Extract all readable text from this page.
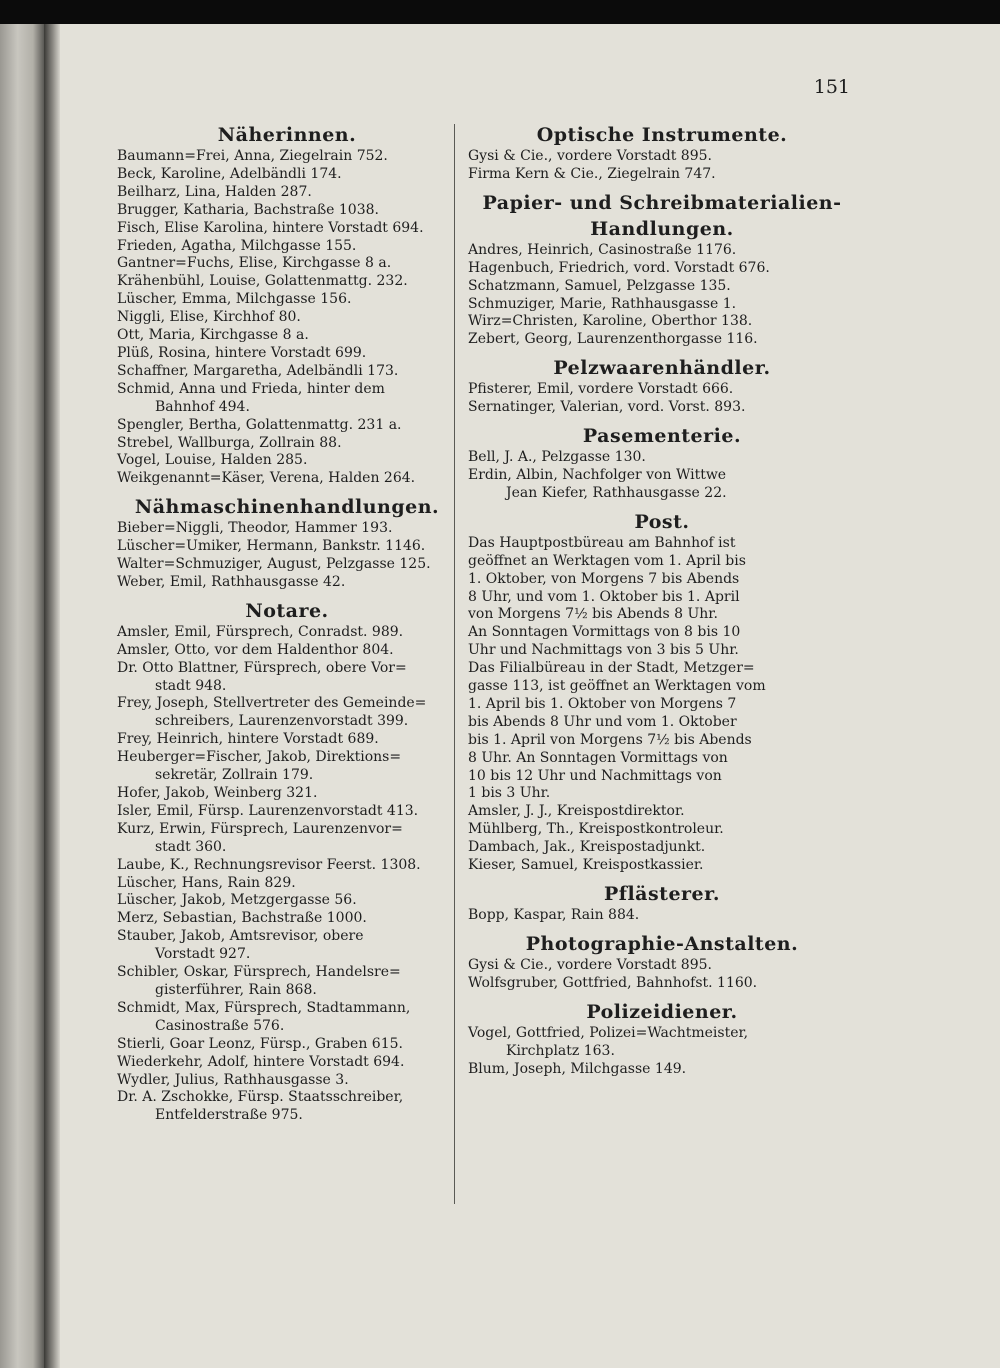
151
Näherinnen.
Baumann=Frei, Anna, Ziegelrain 752.
Beck, Karoline, Adelbändli 174.
Beilharz, Lina, Halden 287.
Brugger, Katharia, Bachstraße 1038.
Fisch, Elise Karolina, hintere Vorstadt 694.
Frieden, Agatha, Milchgasse 155.
Gantner=Fuchs, Elise, Kirchgasse 8 a.
Krähenbühl, Louise, Golattenmattg. 232.
Lüscher, Emma, Milchgasse 156.
Niggli, Elise, Kirchhof 80.
Ott, Maria, Kirchgasse 8 a.
Plüß, Rosina, hintere Vorstadt 699.
Schaffner, Margaretha, Adelbändli 173.
Schmid, Anna und Frieda, hinter dem
Bahnhof 494.
Spengler, Bertha, Golattenmattg. 231 a.
Strebel, Wallburga, Zollrain 88.
Vogel, Louise, Halden 285.
Weikgenannt=Käser, Verena, Halden 264.
Nähmaschinenhandlungen.
Bieber=Niggli, Theodor, Hammer 193.
Lüscher=Umiker, Hermann, Bankstr. 1146.
Walter=Schmuziger, August, Pelzgasse 125.
Weber, Emil, Rathhausgasse 42.
Notare.
Amsler, Emil, Fürsprech, Conradst. 989.
Amsler, Otto, vor dem Haldenthor 804.
Dr. Otto Blattner, Fürsprech, obere Vor=
stadt 948.
Frey, Joseph, Stellvertreter des Gemeinde=
schreibers, Laurenzenvorstadt 399.
Frey, Heinrich, hintere Vorstadt 689.
Heuberger=Fischer, Jakob, Direktions=
sekretär, Zollrain 179.
Hofer, Jakob, Weinberg 321.
Isler, Emil, Fürsp. Laurenzenvorstadt 413.
Kurz, Erwin, Fürsprech, Laurenzenvor=
stadt 360.
Laube, K., Rechnungsrevisor Feerst. 1308.
Lüscher, Hans, Rain 829.
Lüscher, Jakob, Metzgergasse 56.
Merz, Sebastian, Bachstraße 1000.
Stauber, Jakob, Amtsrevisor, obere
Vorstadt 927.
Schibler, Oskar, Fürsprech, Handelsre=
gisterführer, Rain 868.
Schmidt, Max, Fürsprech, Stadtammann,
Casinostraße 576.
Stierli, Goar Leonz, Fürsp., Graben 615.
Wiederkehr, Adolf, hintere Vorstadt 694.
Wydler, Julius, Rathhausgasse 3.
Dr. A. Zschokke, Fürsp. Staatsschreiber,
Entfelderstraße 975.
Optische Instrumente.
Gysi & Cie., vordere Vorstadt 895.
Firma Kern & Cie., Ziegelrain 747.
Papier- und Schreibmaterialien-
Handlungen.
Andres, Heinrich, Casinostraße 1176.
Hagenbuch, Friedrich, vord. Vorstadt 676.
Schatzmann, Samuel, Pelzgasse 135.
Schmuziger, Marie, Rathhausgasse 1.
Wirz=Christen, Karoline, Oberthor 138.
Zebert, Georg, Laurenzenthorgasse 116.
Pelzwaarenhändler.
Pfisterer, Emil, vordere Vorstadt 666.
Sernatinger, Valerian, vord. Vorst. 893.
Pasementerie.
Bell, J. A., Pelzgasse 130.
Erdin, Albin, Nachfolger von Wittwe
Jean Kiefer, Rathhausgasse 22.
Post.
Das Hauptpostbüreau am Bahnhof ist
geöffnet an Werktagen vom 1. April bis
1. Oktober, von Morgens 7 bis Abends
8 Uhr, und vom 1. Oktober bis 1. April
von Morgens 7½ bis Abends 8 Uhr.
An Sonntagen Vormittags von 8 bis 10
Uhr und Nachmittags von 3 bis 5 Uhr.
Das Filialbüreau in der Stadt, Metzger=
gasse 113, ist geöffnet an Werktagen vom
1. April bis 1. Oktober von Morgens 7
bis Abends 8 Uhr und vom 1. Oktober
bis 1. April von Morgens 7½ bis Abends
8 Uhr. An Sonntagen Vormittags von
10 bis 12 Uhr und Nachmittags von
1 bis 3 Uhr.
Amsler, J. J., Kreispostdirektor.
Mühlberg, Th., Kreispostkontroleur.
Dambach, Jak., Kreispostadjunkt.
Kieser, Samuel, Kreispostkassier.
Pflästerer.
Bopp, Kaspar, Rain 884.
Photographie-Anstalten.
Gysi & Cie., vordere Vorstadt 895.
Wolfsgruber, Gottfried, Bahnhofst. 1160.
Polizeidiener.
Vogel, Gottfried, Polizei=Wachtmeister,
Kirchplatz 163.
Blum, Joseph, Milchgasse 149.
